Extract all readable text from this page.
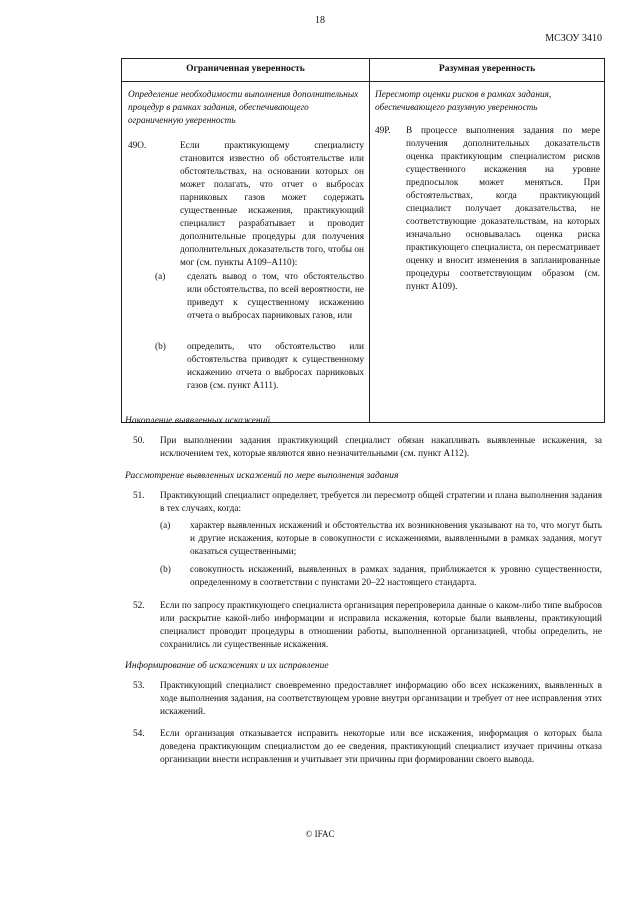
18
МСЗОУ 3410
Ограниченная уверенность	Разумная уверенность
Определение необходимости выполнения дополнительных процедур в рамках задания, обеспечивающего ограниченную уверенность
49O.	Если практикующему специалисту становится известно об обстоятельстве или обстоятельствах, на основании которых он может полагать, что отчет о выбросах парниковых газов может содержать существенные искажения, практикующий специалист разрабатывает и проводит дополнительные процедуры для получения дополнительных доказательств того, чтобы он мог (см. пункты A109–A110):
(a) сделать вывод о том, что обстоятельство или обстоятельства, по всей вероятности, не приведут к существенному искажению отчета о выбросах парниковых газов, или
(b) определить, что обстоятельство или обстоятельства приводят к существенному искажению отчета о выбросах парниковых газов (см. пункт A111).
Пересмотр оценки рисков в рамках задания, обеспечивающего разумную уверенность
49P. В процессе выполнения задания по мере получения дополнительных доказательств оценка практикующим специалистом рисков существенного искажения на уровне предпосылок может меняться. При обстоятельствах, когда практикующий специалист получает доказательства, не соответствующие доказательствам, на которых изначально основывалась оценка риска практикующего специалиста, он пересматривает оценку и вносит изменения в запланированные процедуры соответствующим образом (см. пункт A109).
Накопление выявленных искажений
50. При выполнении задания практикующий специалист обязан накапливать выявленные искажения, за исключением тех, которые являются явно незначительными (см. пункт A112).
Рассмотрение выявленных искажений по мере выполнения задания
51. Практикующий специалист определяет, требуется ли пересмотр общей стратегии и плана выполнения задания в тех случаях, когда:
(a) характер выявленных искажений и обстоятельства их возникновения указывают на то, что могут быть и другие искажения, которые в совокупности с искажениями, выявленными в рамках задания, могут оказаться существенными;
(b) совокупность искажений, выявленных в рамках задания, приближается к уровню существенности, определенному в соответствии с пунктами 20–22 настоящего стандарта.
52. Если по запросу практикующего специалиста организация перепроверила данные о каком-либо типе выбросов или раскрытие какой-либо информации и исправила искажения, которые были выявлены, практикующий специалист проводит процедуры в отношении работы, выполненной организацией, чтобы определить, не сохранились ли существенные искажения.
Информирование об искажениях и их исправление
53. Практикующий специалист своевременно предоставляет информацию обо всех искажениях, выявленных в ходе выполнения задания, на соответствующем уровне внутри организации и требует от нее исправления этих искажений.
54. Если организация отказывается исправить некоторые или все искажения, информация о которых была доведена практикующим специалистом до ее сведения, практикующий специалист изучает причины отказа организации внести исправления и учитывает эти причины при формировании своего вывода.
© IFAC
